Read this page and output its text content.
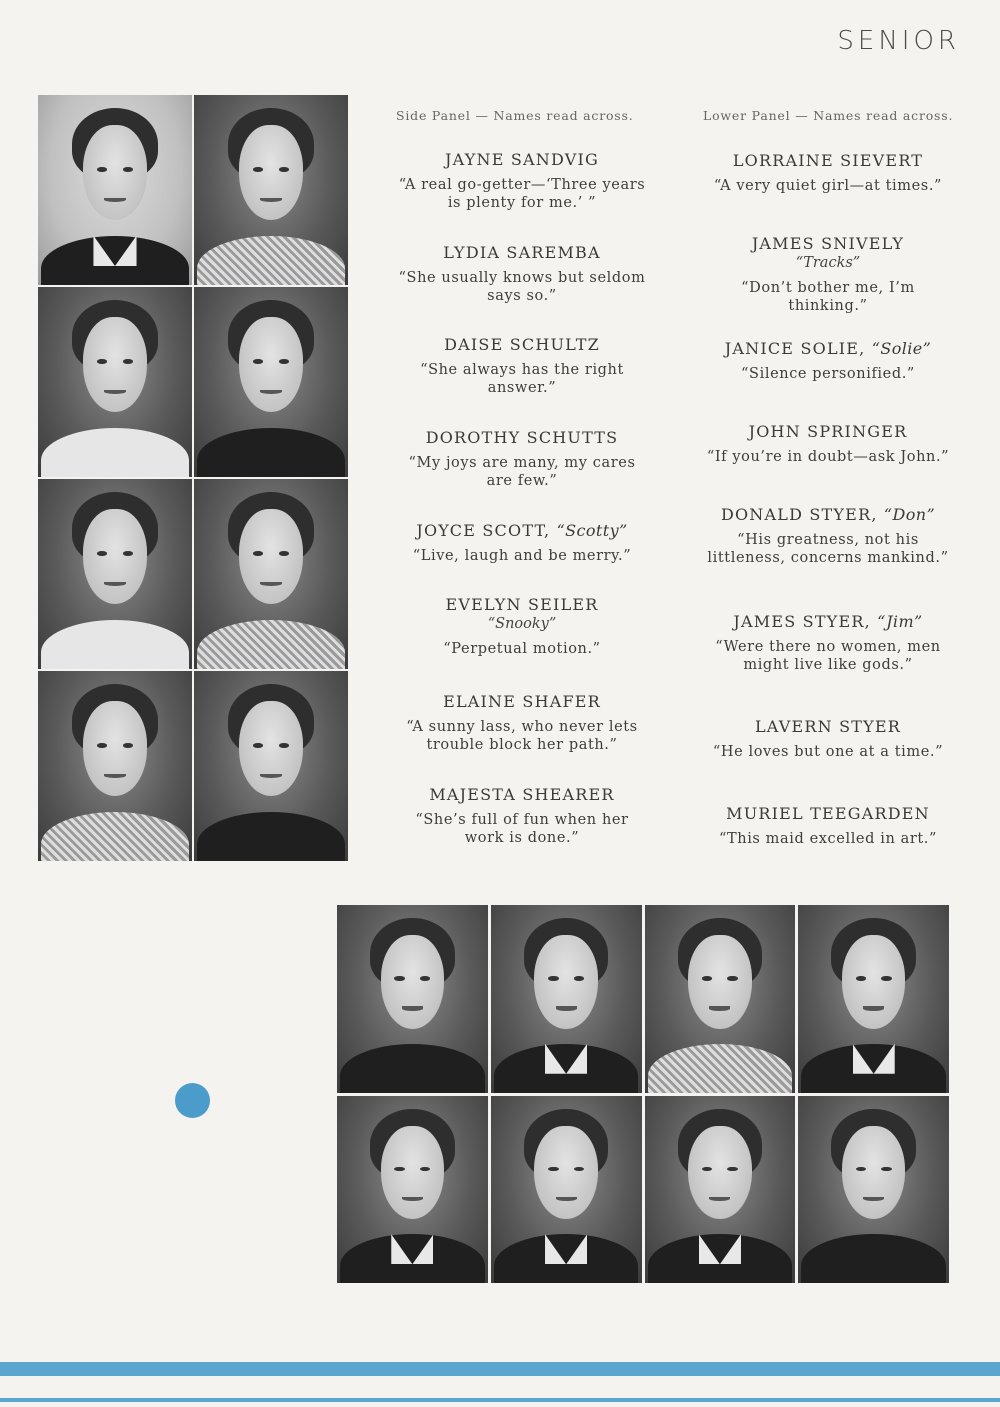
SENIOR
Side Panel — Names read across.	Lower Panel — Names read across.
JAYNE SANDVIG
“A real go-getter—‘Three years is plenty for me.’ ”
LYDIA SAREMBA
“She usually knows but seldom says so.”
DAISE SCHULTZ
“She always has the right answer.”
DOROTHY SCHUTTS
“My joys are many, my cares are few.”
JOYCE SCOTT, “Scotty”
“Live, laugh and be merry.”
EVELYN SEILER
“Snooky”
“Perpetual motion.”
ELAINE SHAFER
“A sunny lass, who never lets trouble block her path.”
MAJESTA SHEARER
“She’s full of fun when her work is done.”
LORRAINE SIEVERT
“A very quiet girl—at times.”
JAMES SNIVELY
“Tracks”
“Don’t bother me, I’m thinking.”
JANICE SOLIE, “Solie”
“Silence personified.”
JOHN SPRINGER
“If you’re in doubt—ask John.”
DONALD STYER, “Don”
“His greatness, not his littleness, concerns mankind.”
JAMES STYER, “Jim”
“Were there no women, men might live like gods.”
LAVERN STYER
“He loves but one at a time.”
MURIEL TEEGARDEN
“This maid excelled in art.”
